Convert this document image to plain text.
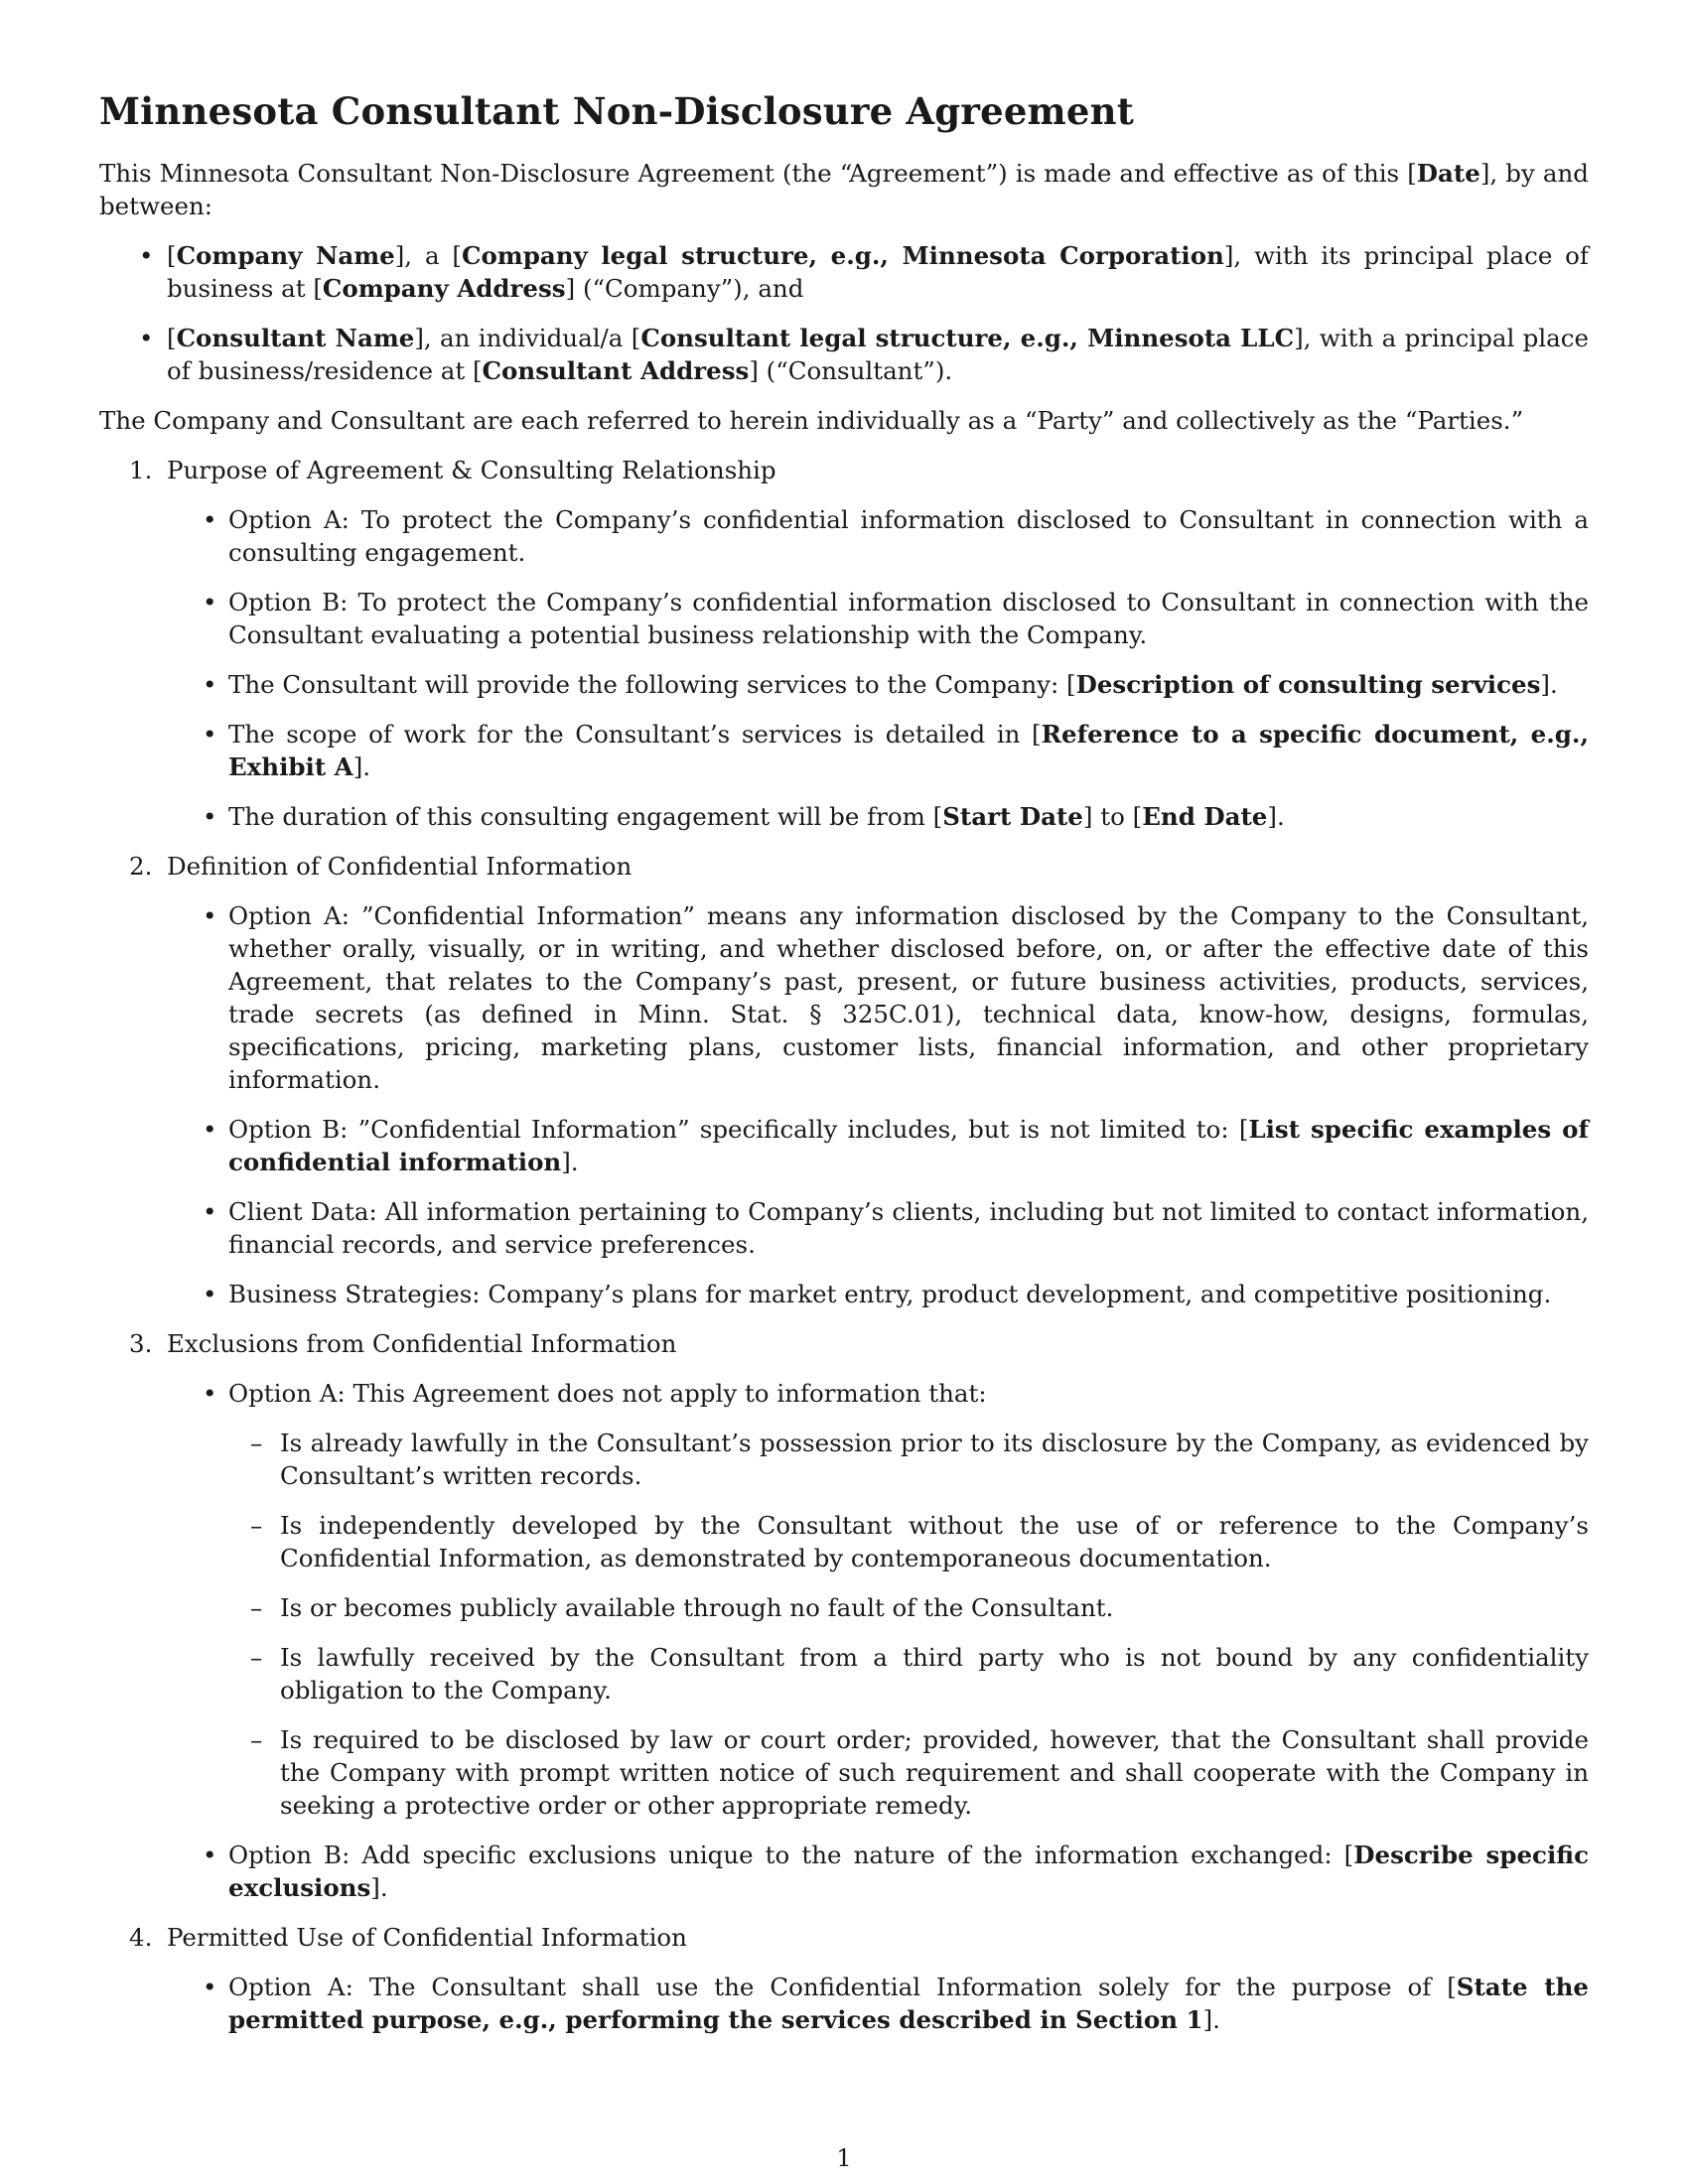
Minnesota Consultant Non-Disclosure Agreement

This Minnesota Consultant Non-Disclosure Agreement (the “Agreement”) is made and effective as of this [Date], by and between:

• [Company Name], a [Company legal structure, e.g., Minnesota Corporation], with its principal place of business at [Company Address] (“Company”), and
• [Consultant Name], an individual/a [Consultant legal structure, e.g., Minnesota LLC], with a principal place of business/residence at [Consultant Address] (“Consultant”).

The Company and Consultant are each referred to herein individually as a “Party” and collectively as the “Parties.”

1. Purpose of Agreement & Consulting Relationship
• Option A: To protect the Company’s confidential information disclosed to Consultant in connection with a consulting engagement.
• Option B: To protect the Company’s confidential information disclosed to Consultant in connection with the Consultant evaluating a potential business relationship with the Company.
• The Consultant will provide the following services to the Company: [Description of consulting services].
• The scope of work for the Consultant’s services is detailed in [Reference to a specific document, e.g., Exhibit A].
• The duration of this consulting engagement will be from [Start Date] to [End Date].
2. Definition of Confidential Information
• Option A: ”Confidential Information” means any information disclosed by the Company to the Consultant, whether orally, visually, or in writing, and whether disclosed before, on, or after the effective date of this Agreement, that relates to the Company’s past, present, or future business activities, products, services, trade secrets (as defined in Minn. Stat. § 325C.01), technical data, know-how, designs, formulas, specifications, pricing, marketing plans, customer lists, financial information, and other proprietary information.
• Option B: ”Confidential Information” specifically includes, but is not limited to: [List specific examples of confidential information].
• Client Data: All information pertaining to Company’s clients, including but not limited to contact information, financial records, and service preferences.
• Business Strategies: Company’s plans for market entry, product development, and competitive positioning.
3. Exclusions from Confidential Information
• Option A: This Agreement does not apply to information that:
– Is already lawfully in the Consultant’s possession prior to its disclosure by the Company, as evidenced by Consultant’s written records.
– Is independently developed by the Consultant without the use of or reference to the Company’s Confidential Information, as demonstrated by contemporaneous documentation.
– Is or becomes publicly available through no fault of the Consultant.
– Is lawfully received by the Consultant from a third party who is not bound by any confidentiality obligation to the Company.
– Is required to be disclosed by law or court order; provided, however, that the Consultant shall provide the Company with prompt written notice of such requirement and shall cooperate with the Company in seeking a protective order or other appropriate remedy.
• Option B: Add specific exclusions unique to the nature of the information exchanged: [Describe specific exclusions].
4. Permitted Use of Confidential Information
• Option A: The Consultant shall use the Confidential Information solely for the purpose of [State the permitted purpose, e.g., performing the services described in Section 1].
1
